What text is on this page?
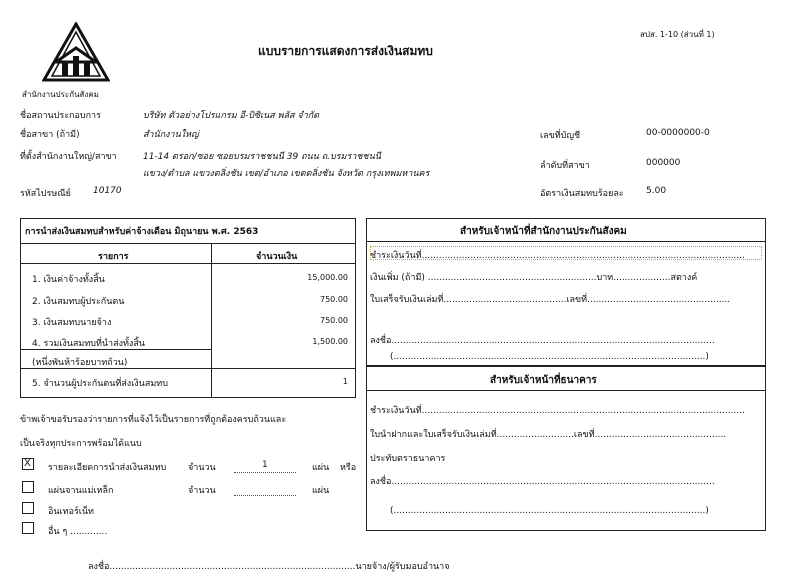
สปส. 1-10 (ส่วนที่ 1)
แบบรายการแสดงการส่งเงินสมทบ
สำนักงานประกันสังคม
ชื่อสถานประกอบการ	บริษัท ตัวอย่างโปรแกรม อี-บิซิเนส พลัส จำกัด
ชื่อสาขา (ถ้ามี)	สำนักงานใหญ่
ที่ตั้งสำนักงานใหญ่/สาขา	11-14 ตรอก/ซอย ซอยบรมราชชนนี 39 ถนน ถ.บรมราชชนนี
แขวง/ตำบล แขวงตลิ่งชัน เขต/อำเภอ เขตตลิ่งชัน จังหวัด กรุงเทพมหานคร
รหัสไปรษณีย์ 10170
เลขที่บัญชี	00-0000000-0
ลำดับที่สาขา	000000
อัตราเงินสมทบร้อยละ 5.00
การนำส่งเงินสมทบสำหรับค่าจ้างเดือน มิถุนายน พ.ศ. 2563
รายการ	จำนวนเงิน
1. เงินค่าจ้างทั้งสิ้น	15,000.00
2. เงินสมทบผู้ประกันตน	750.00
3. เงินสมทบนายจ้าง	750.00
4. รวมเงินสมทบที่นำส่งทั้งสิ้น	1,500.00
(หนึ่งพันห้าร้อยบาทถ้วน)
5. จำนวนผู้ประกันตนที่ส่งเงินสมทบ	1
ข้าพเจ้าขอรับรองว่ารายการที่แจ้งไว้เป็นรายการที่ถูกต้องครบถ้วนและ
เป็นจริงทุกประการพร้อมได้แนบ
X รายละเอียดการนำส่งเงินสมทบ จำนวน	1	แผ่น หรือ
แผ่นจานแม่เหล็ก	จำนวน	แผ่น
อินเทอร์เน็ท
อื่น ๆ .............
ลงชื่อ......................................................................................นายจ้าง/ผู้รับมอบอำนาจ
สำหรับเจ้าหน้าที่สำนักงานประกันสังคม
ชำระเงินวันที่.................................................................................................................
เงินเพิ่ม (ถ้ามี) ...........................................................บาท....................สตางค์
ใบเสร็จรับเงินเล่มที่...........................................เลขที่..................................................
ลงชื่อ.................................................................................................................
(.............................................................................................................)
สำหรับเจ้าหน้าที่ธนาคาร
ชำระเงินวันที่.................................................................................................................
ใบนำฝากและใบเสร็จรับเงินเล่มที่...........................เลขที่..............................................
ประทับตราธนาคาร
ลงชื่อ.................................................................................................................
(.............................................................................................................)
